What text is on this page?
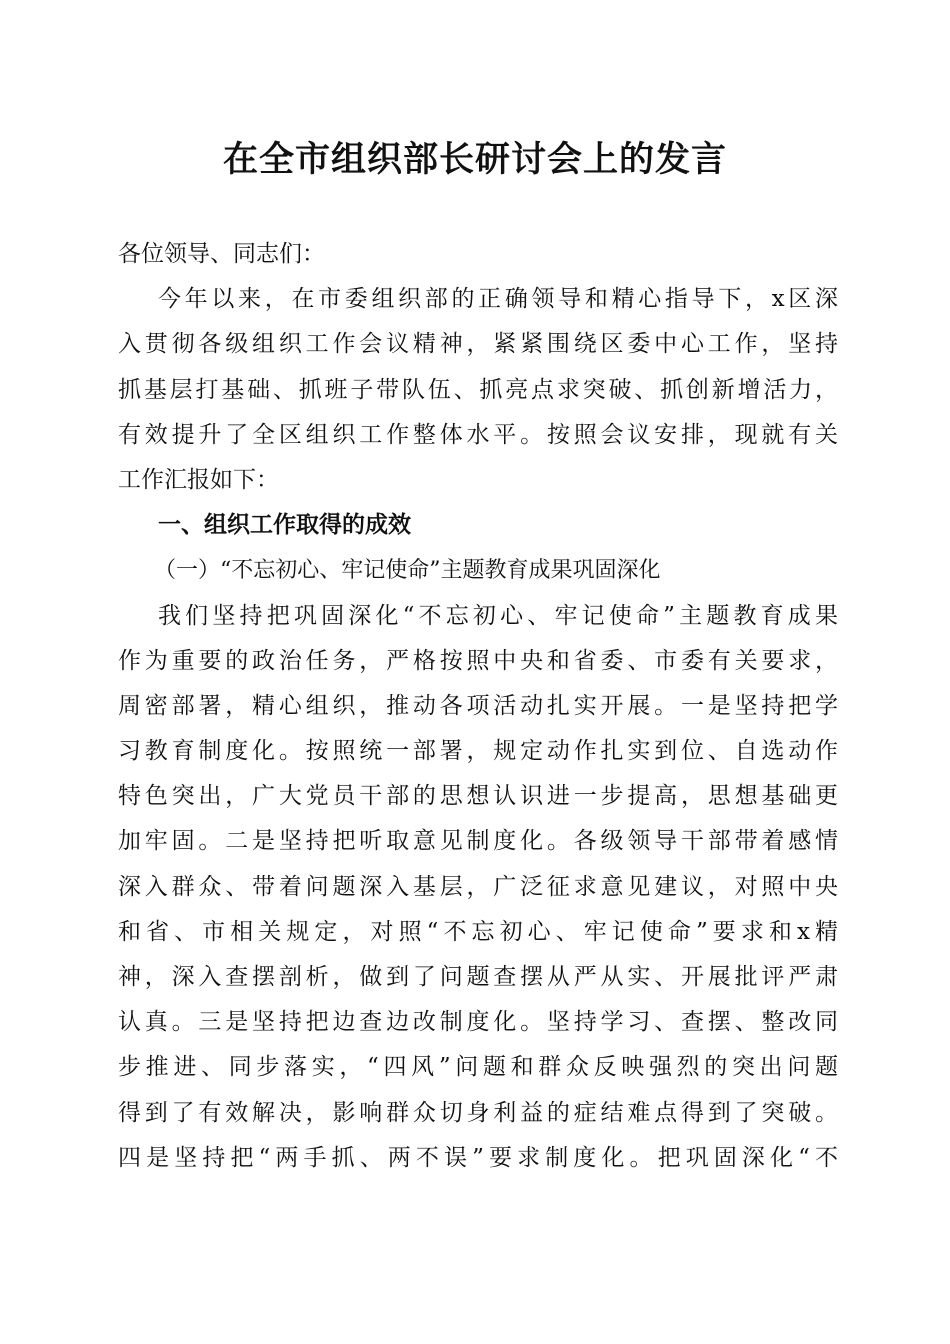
在全市组织部长研讨会上的发言
各位领导、同志们：
今年以来，在市委组织部的正确领导和精心指导下，x区深
入贯彻各级组织工作会议精神，紧紧围绕区委中心工作，坚持
抓基层打基础、抓班子带队伍、抓亮点求突破、抓创新增活力，
有效提升了全区组织工作整体水平。按照会议安排，现就有关
工作汇报如下：
一、组织工作取得的成效
（一）“不忘初心、牢记使命”主题教育成果巩固深化
我们坚持把巩固深化“不忘初心、牢记使命”主题教育成果
作为重要的政治任务，严格按照中央和省委、市委有关要求，
周密部署，精心组织，推动各项活动扎实开展。一是坚持把学
习教育制度化。按照统一部署，规定动作扎实到位、自选动作
特色突出，广大党员干部的思想认识进一步提高，思想基础更
加牢固。二是坚持把听取意见制度化。各级领导干部带着感情
深入群众、带着问题深入基层，广泛征求意见建议，对照中央
和省、市相关规定，对照“不忘初心、牢记使命”要求和x精
神，深入查摆剖析，做到了问题查摆从严从实、开展批评严肃
认真。三是坚持把边查边改制度化。坚持学习、查摆、整改同
步推进、同步落实，“四风”问题和群众反映强烈的突出问题
得到了有效解决，影响群众切身利益的症结难点得到了突破。
四是坚持把“两手抓、两不误”要求制度化。把巩固深化“不
